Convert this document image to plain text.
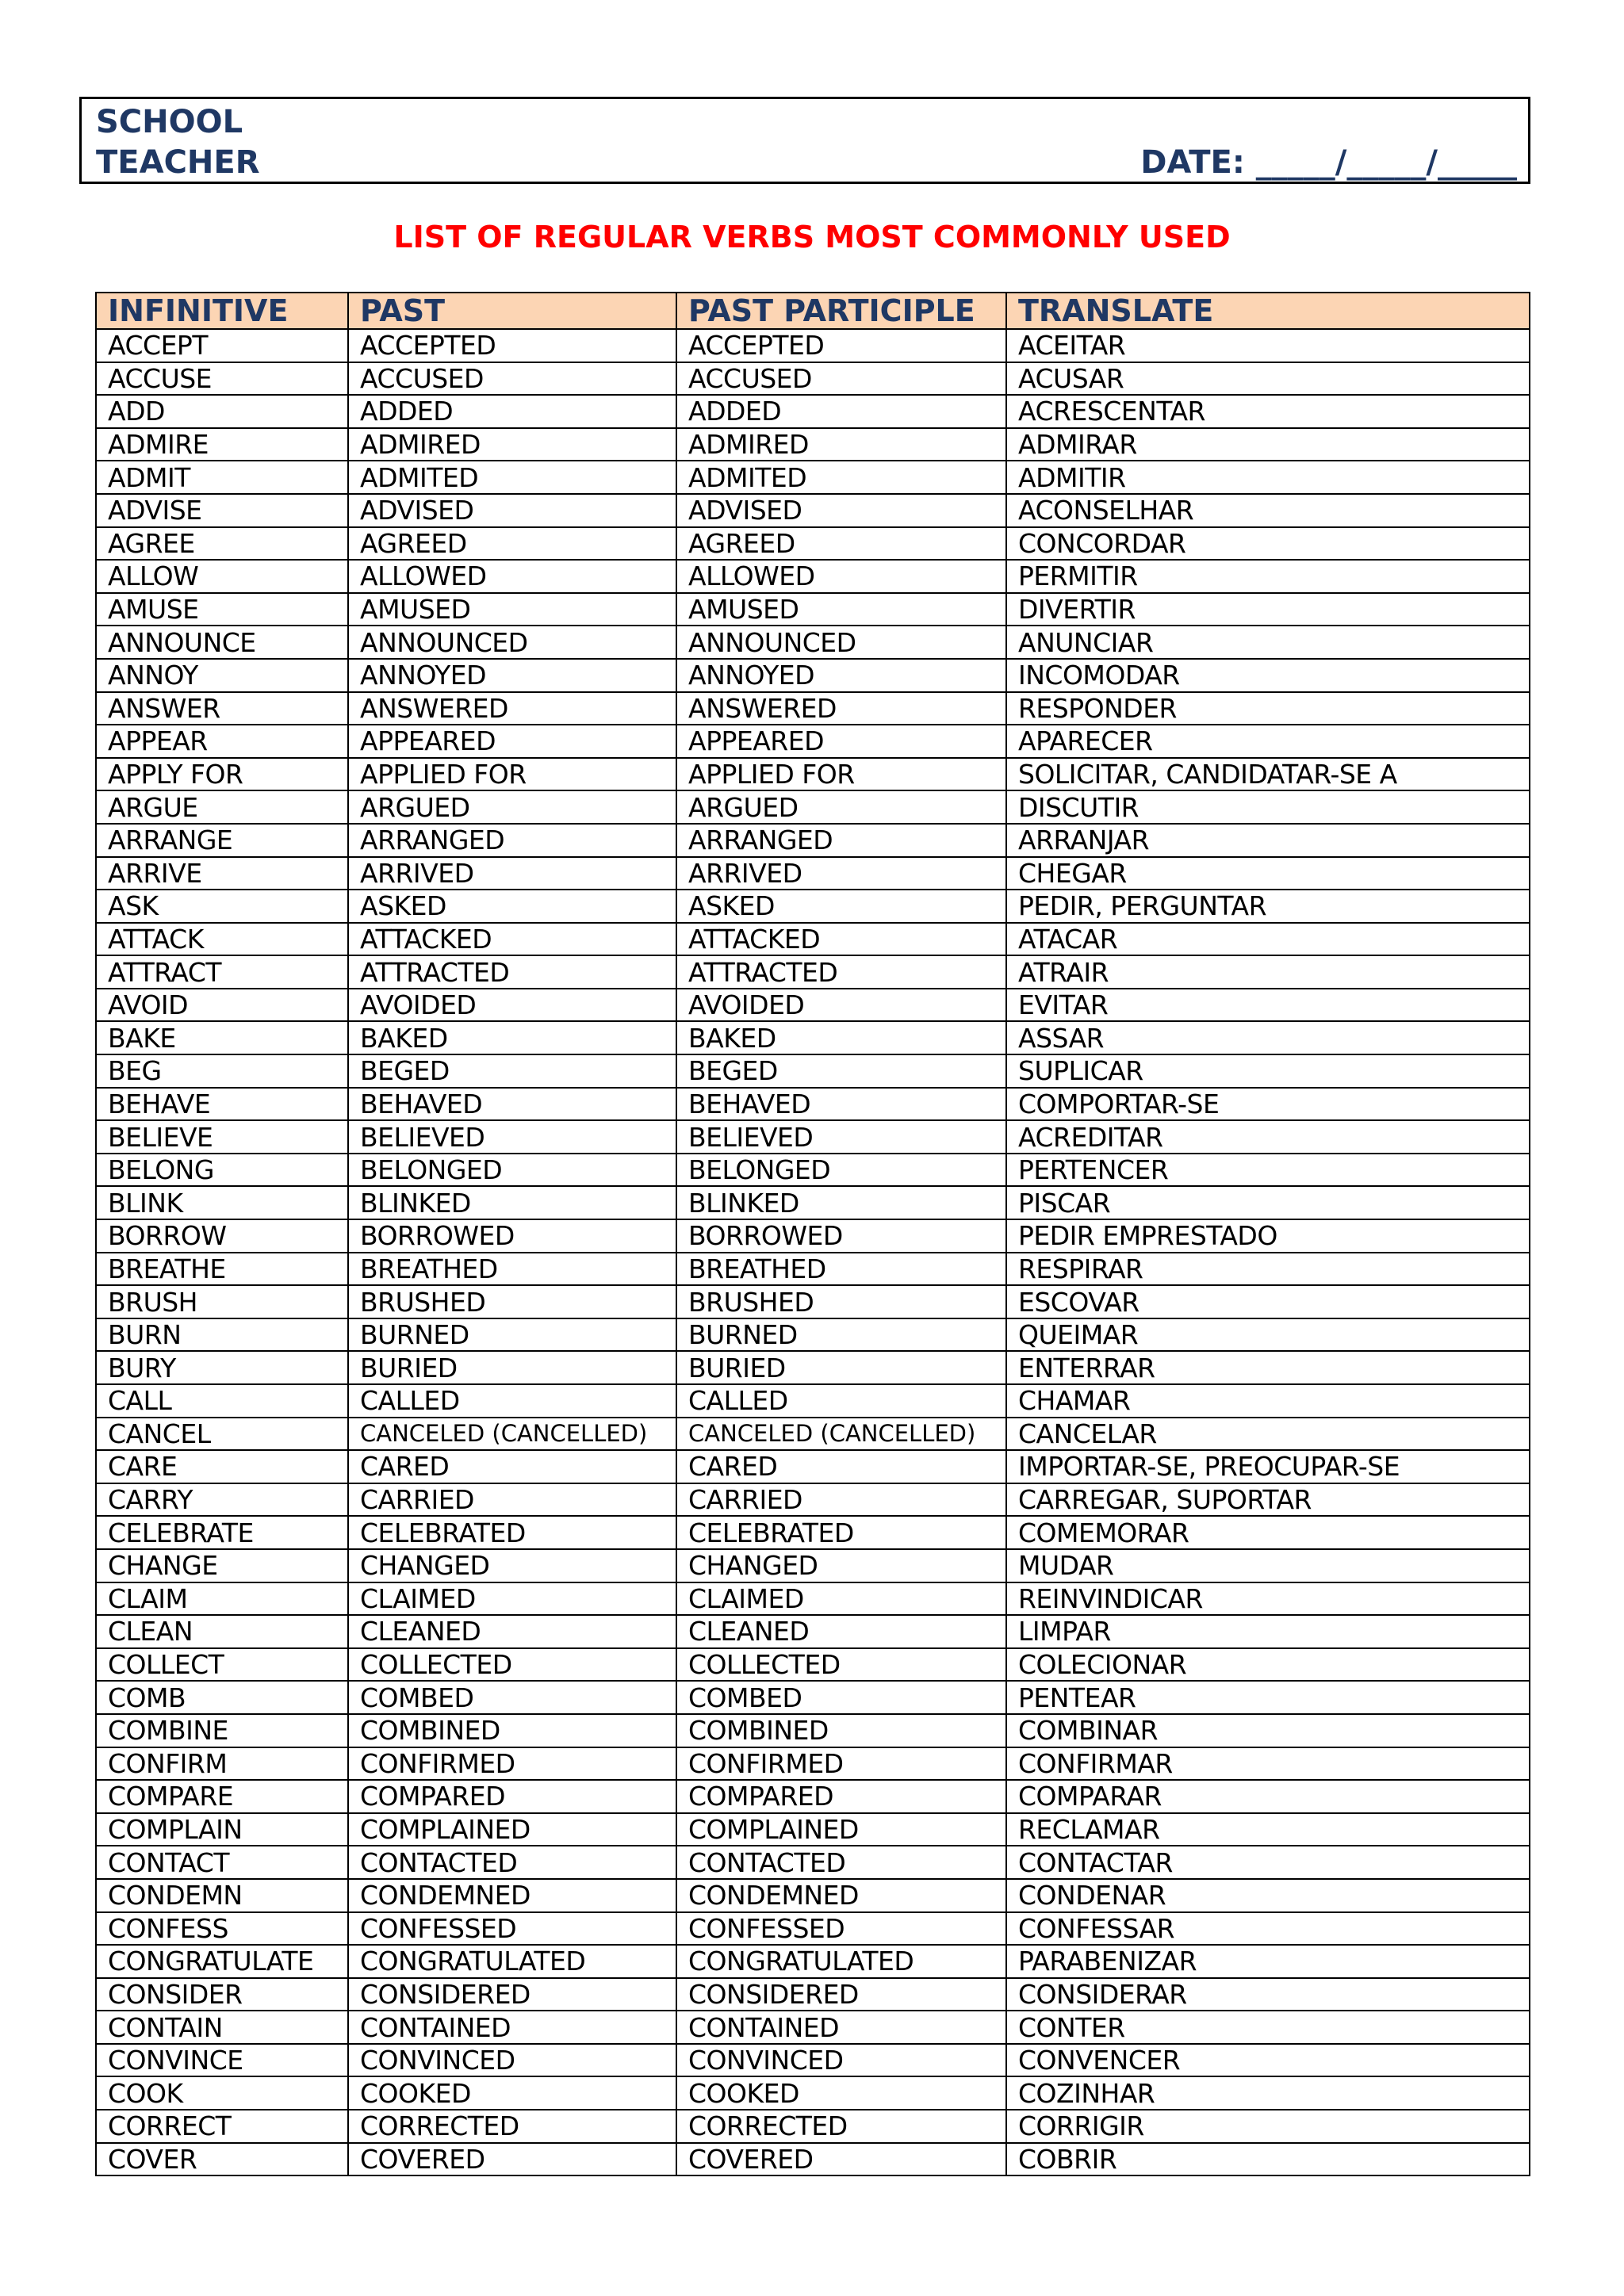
SCHOOL
TEACHER	DATE: _____/_____/_____
LIST OF REGULAR VERBS MOST COMMONLY USED
INFINITIVE	PAST	PAST PARTICIPLE	TRANSLATE
ACCEPT	ACCEPTED	ACCEPTED	ACEITAR
ACCUSE	ACCUSED	ACCUSED	ACUSAR
ADD	ADDED	ADDED	ACRESCENTAR
ADMIRE	ADMIRED	ADMIRED	ADMIRAR
ADMIT	ADMITED	ADMITED	ADMITIR
ADVISE	ADVISED	ADVISED	ACONSELHAR
AGREE	AGREED	AGREED	CONCORDAR
ALLOW	ALLOWED	ALLOWED	PERMITIR
AMUSE	AMUSED	AMUSED	DIVERTIR
ANNOUNCE	ANNOUNCED	ANNOUNCED	ANUNCIAR
ANNOY	ANNOYED	ANNOYED	INCOMODAR
ANSWER	ANSWERED	ANSWERED	RESPONDER
APPEAR	APPEARED	APPEARED	APARECER
APPLY FOR	APPLIED FOR	APPLIED FOR	SOLICITAR, CANDIDATAR-SE A
ARGUE	ARGUED	ARGUED	DISCUTIR
ARRANGE	ARRANGED	ARRANGED	ARRANJAR
ARRIVE	ARRIVED	ARRIVED	CHEGAR
ASK	ASKED	ASKED	PEDIR, PERGUNTAR
ATTACK	ATTACKED	ATTACKED	ATACAR
ATTRACT	ATTRACTED	ATTRACTED	ATRAIR
AVOID	AVOIDED	AVOIDED	EVITAR
BAKE	BAKED	BAKED	ASSAR
BEG	BEGED	BEGED	SUPLICAR
BEHAVE	BEHAVED	BEHAVED	COMPORTAR-SE
BELIEVE	BELIEVED	BELIEVED	ACREDITAR
BELONG	BELONGED	BELONGED	PERTENCER
BLINK	BLINKED	BLINKED	PISCAR
BORROW	BORROWED	BORROWED	PEDIR EMPRESTADO
BREATHE	BREATHED	BREATHED	RESPIRAR
BRUSH	BRUSHED	BRUSHED	ESCOVAR
BURN	BURNED	BURNED	QUEIMAR
BURY	BURIED	BURIED	ENTERRAR
CALL	CALLED	CALLED	CHAMAR
CANCEL	CANCELED (CANCELLED)	CANCELED (CANCELLED)	CANCELAR
CARE	CARED	CARED	IMPORTAR-SE, PREOCUPAR-SE
CARRY	CARRIED	CARRIED	CARREGAR, SUPORTAR
CELEBRATE	CELEBRATED	CELEBRATED	COMEMORAR
CHANGE	CHANGED	CHANGED	MUDAR
CLAIM	CLAIMED	CLAIMED	REINVINDICAR
CLEAN	CLEANED	CLEANED	LIMPAR
COLLECT	COLLECTED	COLLECTED	COLECIONAR
COMB	COMBED	COMBED	PENTEAR
COMBINE	COMBINED	COMBINED	COMBINAR
CONFIRM	CONFIRMED	CONFIRMED	CONFIRMAR
COMPARE	COMPARED	COMPARED	COMPARAR
COMPLAIN	COMPLAINED	COMPLAINED	RECLAMAR
CONTACT	CONTACTED	CONTACTED	CONTACTAR
CONDEMN	CONDEMNED	CONDEMNED	CONDENAR
CONFESS	CONFESSED	CONFESSED	CONFESSAR
CONGRATULATE	CONGRATULATED	CONGRATULATED	PARABENIZAR
CONSIDER	CONSIDERED	CONSIDERED	CONSIDERAR
CONTAIN	CONTAINED	CONTAINED	CONTER
CONVINCE	CONVINCED	CONVINCED	CONVENCER
COOK	COOKED	COOKED	COZINHAR
CORRECT	CORRECTED	CORRECTED	CORRIGIR
COVER	COVERED	COVERED	COBRIR
